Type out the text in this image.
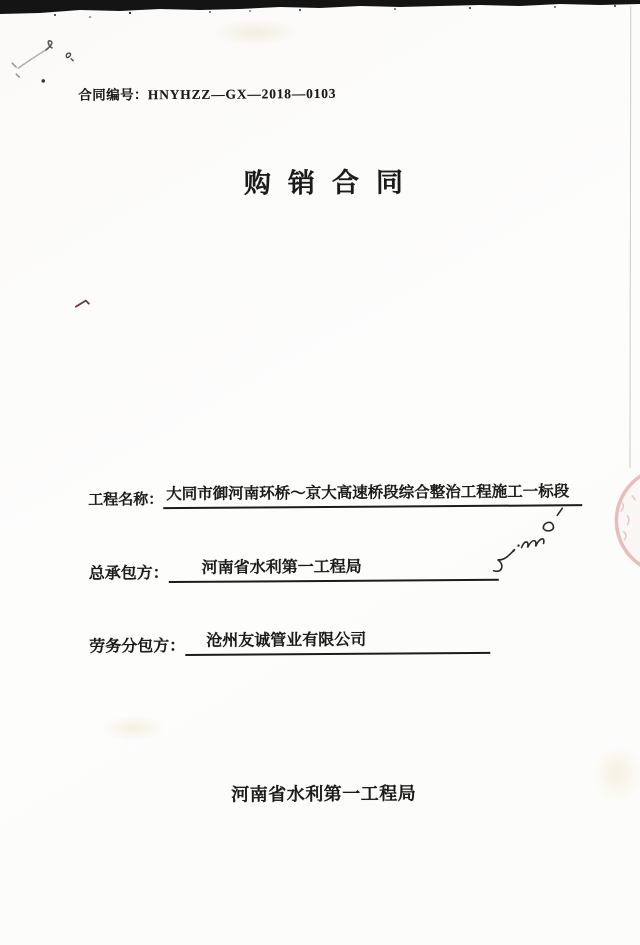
合同编号：HNYHZZ—GX—2018—0103
购销合同
工程名称： 大同市御河南环桥～京大高速桥段综合整治工程施工一标段
总承包方： 河南省水利第一工程局
劳务分包方： 沧州友诚管业有限公司
河南省水利第一工程局
